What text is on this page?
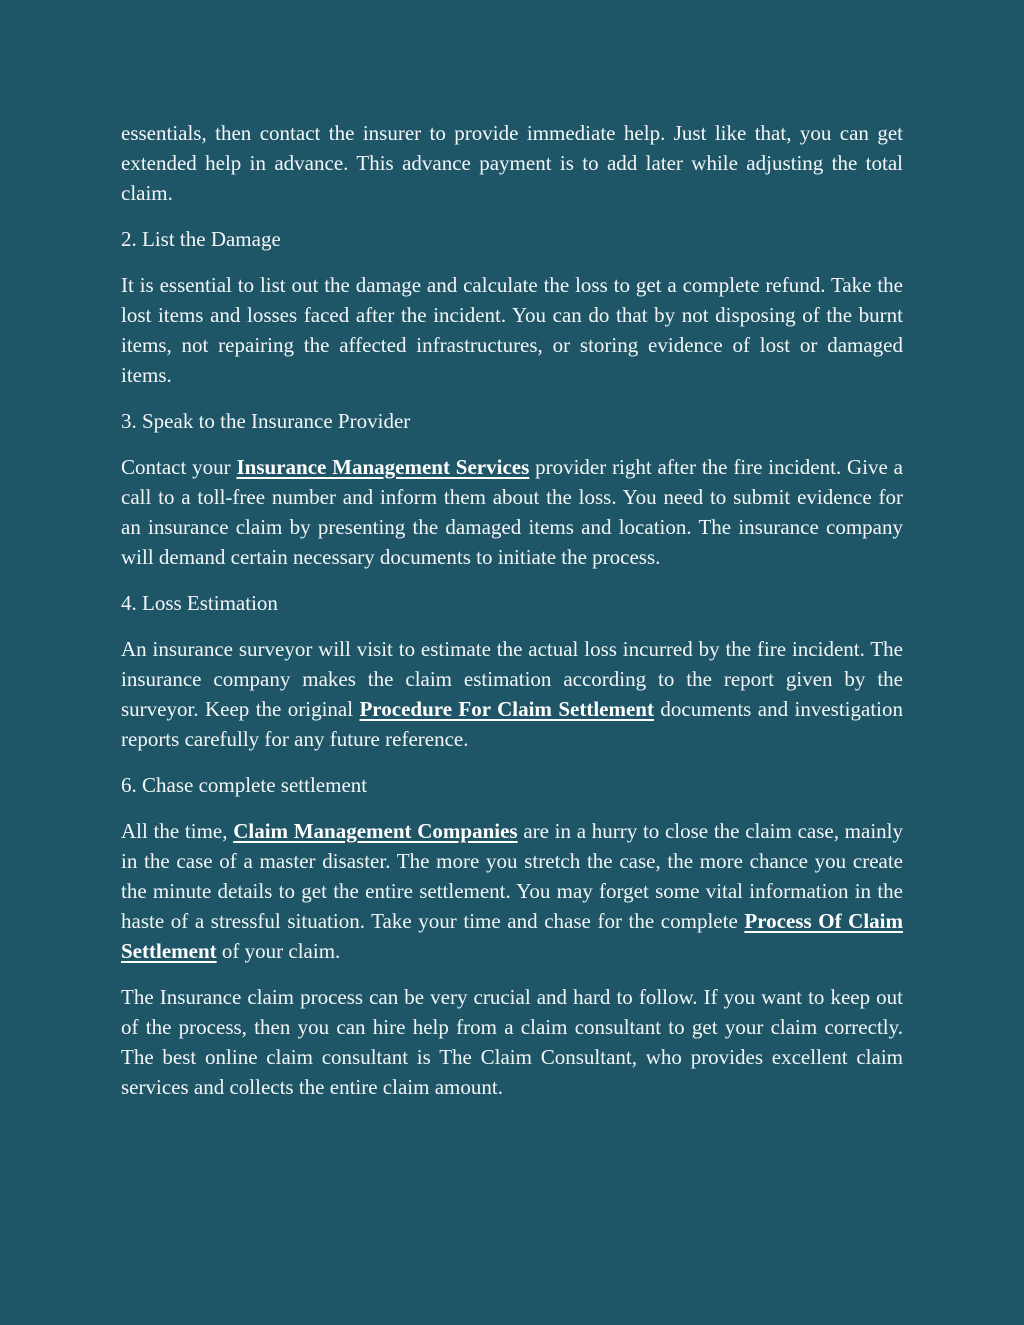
essentials, then contact the insurer to provide immediate help. Just like that, you can get extended help in advance. This advance payment is to add later while adjusting the total claim.

2. List the Damage

It is essential to list out the damage and calculate the loss to get a complete refund. Take the lost items and losses faced after the incident. You can do that by not disposing of the burnt items, not repairing the affected infrastructures, or storing evidence of lost or damaged items.

3. Speak to the Insurance Provider

Contact your Insurance Management Services provider right after the fire incident. Give a call to a toll-free number and inform them about the loss. You need to submit evidence for an insurance claim by presenting the damaged items and location. The insurance company will demand certain necessary documents to initiate the process.

4. Loss Estimation

An insurance surveyor will visit to estimate the actual loss incurred by the fire incident. The insurance company makes the claim estimation according to the report given by the surveyor. Keep the original Procedure For Claim Settlement documents and investigation reports carefully for any future reference.

6. Chase complete settlement

All the time, Claim Management Companies are in a hurry to close the claim case, mainly in the case of a master disaster. The more you stretch the case, the more chance you create the minute details to get the entire settlement. You may forget some vital information in the haste of a stressful situation. Take your time and chase for the complete Process Of Claim Settlement of your claim.

The Insurance claim process can be very crucial and hard to follow. If you want to keep out of the process, then you can hire help from a claim consultant to get your claim correctly. The best online claim consultant is The Claim Consultant, who provides excellent claim services and collects the entire claim amount.
